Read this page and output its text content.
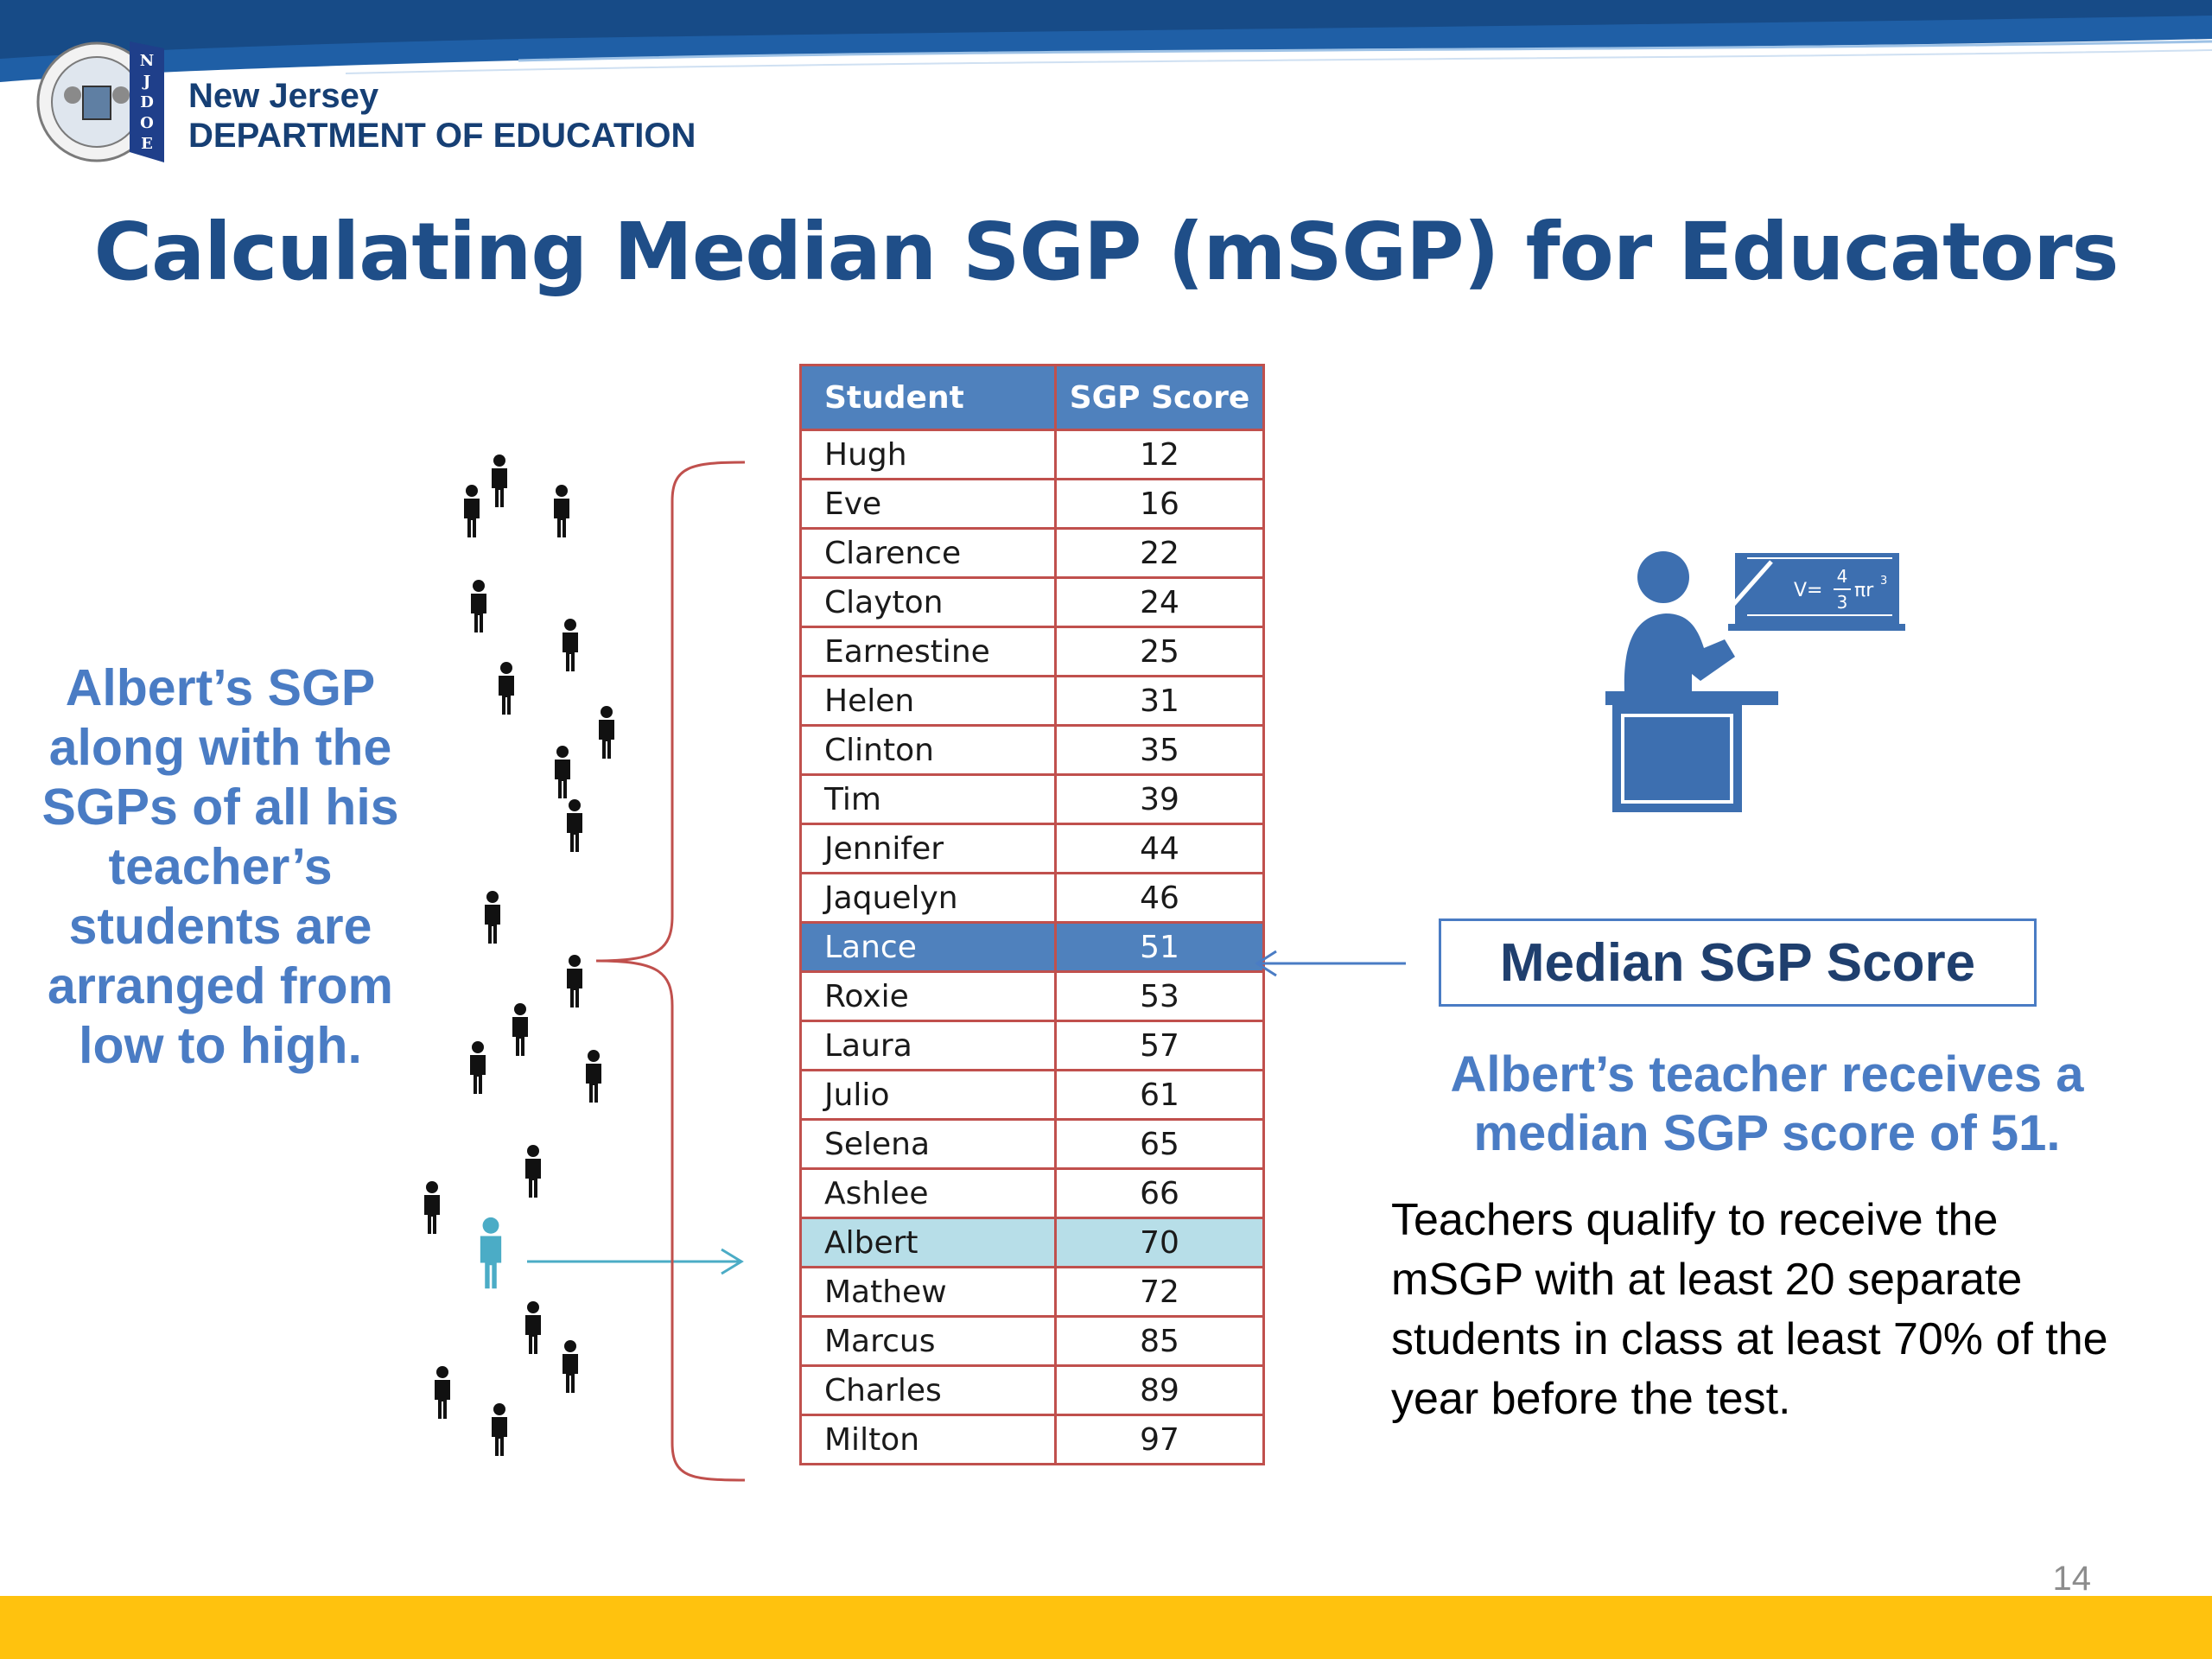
N
J
D
O
E
New Jersey
DEPARTMENT OF EDUCATION
Calculating Median SGP (mSGP) for Educators
Albert’s SGP along with the SGPs of all his teacher’s students are arranged from low to high.
Student	SGP Score
Hugh	12
Eve	16
Clarence	22
Clayton	24
Earnestine	25
Helen	31
Clinton	35
Tim	39
Jennifer	44
Jaquelyn	46
Lance	51
Roxie	53
Laura	57
Julio	61
Selena	65
Ashlee	66
Albert	70
Mathew	72
Marcus	85
Charles	89
Milton	97
V=
4
3
πr 3
Median SGP Score
Albert’s teacher receives a median SGP score of 51.
Teachers qualify to receive the mSGP with at least 20 separate students in class at least 70% of the year before the test.
14
